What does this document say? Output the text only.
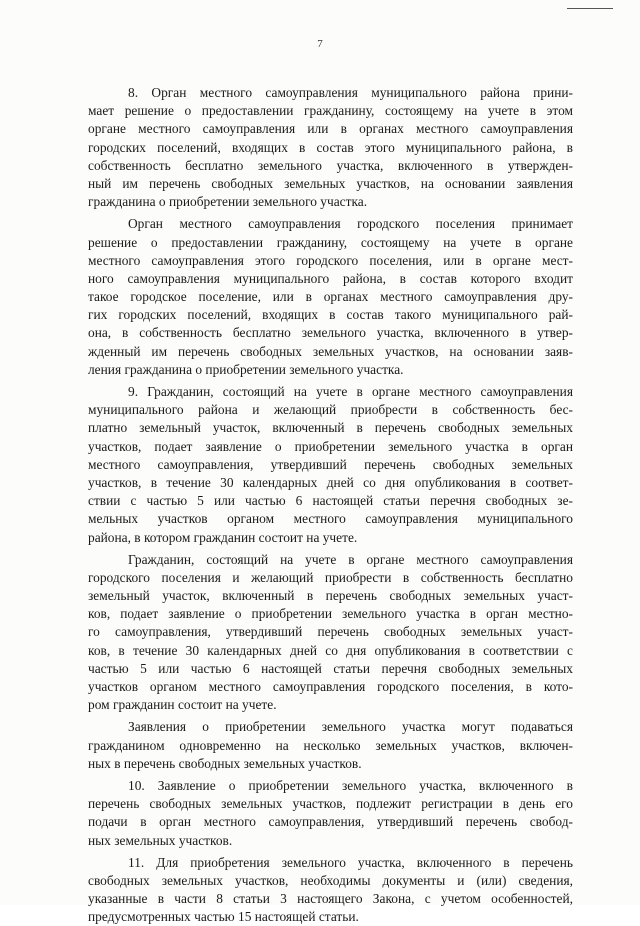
7
8. Орган местного самоуправления муниципального района прини-
мает решение о предоставлении гражданину, состоящему на учете в этом
органе местного самоуправления или в органах местного самоуправления
городских поселений, входящих в состав этого муниципального района, в
собственность бесплатно земельного участка, включенного в утвержден-
ный им перечень свободных земельных участков, на основании заявления
гражданина о приобретении земельного участка.
Орган местного самоуправления городского поселения принимает
решение о предоставлении гражданину, состоящему на учете в органе
местного самоуправления этого городского поселения, или в органе мест-
ного самоуправления муниципального района, в состав которого входит
такое городское поселение, или в органах местного самоуправления дру-
гих городских поселений, входящих в состав такого муниципального рай-
она, в собственность бесплатно земельного участка, включенного в утвер-
жденный им перечень свободных земельных участков, на основании заяв-
ления гражданина о приобретении земельного участка.
9. Гражданин, состоящий на учете в органе местного самоуправления
муниципального района и желающий приобрести в собственность бес-
платно земельный участок, включенный в перечень свободных земельных
участков, подает заявление о приобретении земельного участка в орган
местного самоуправления, утвердивший перечень свободных земельных
участков, в течение 30 календарных дней со дня опубликования в соответ-
ствии с частью 5 или частью 6 настоящей статьи перечня свободных зе-
мельных участков органом местного самоуправления муниципального
района, в котором гражданин состоит на учете.
Гражданин, состоящий на учете в органе местного самоуправления
городского поселения и желающий приобрести в собственность бесплатно
земельный участок, включенный в перечень свободных земельных участ-
ков, подает заявление о приобретении земельного участка в орган местно-
го самоуправления, утвердивший перечень свободных земельных участ-
ков, в течение 30 календарных дней со дня опубликования в соответствии с
частью 5 или частью 6 настоящей статьи перечня свободных земельных
участков органом местного самоуправления городского поселения, в кото-
ром гражданин состоит на учете.
Заявления о приобретении земельного участка могут подаваться
гражданином одновременно на несколько земельных участков, включен-
ных в перечень свободных земельных участков.
10. Заявление о приобретении земельного участка, включенного в
перечень свободных земельных участков, подлежит регистрации в день его
подачи в орган местного самоуправления, утвердивший перечень свобод-
ных земельных участков.
11. Для приобретения земельного участка, включенного в перечень
свободных земельных участков, необходимы документы и (или) сведения,
указанные в части 8 статьи 3 настоящего Закона, с учетом особенностей,
предусмотренных частью 15 настоящей статьи.
